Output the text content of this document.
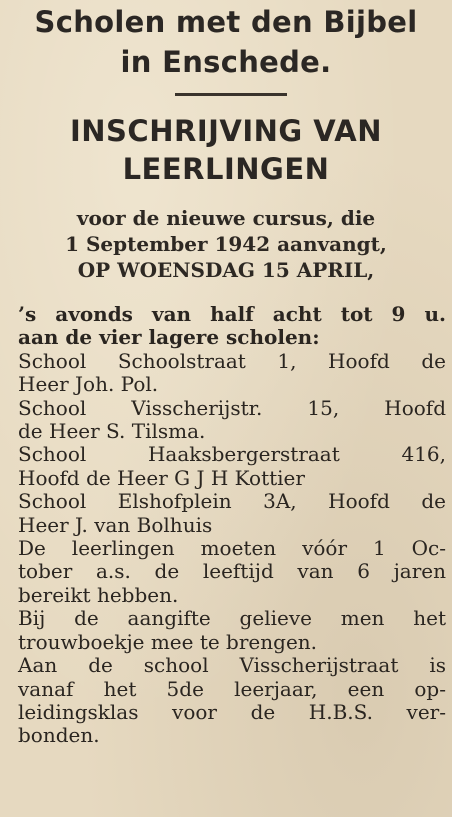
Scholen met den Bijbel
in Enschede.
INSCHRIJVING VAN
LEERLINGEN
voor de nieuwe cursus, die
1 September 1942 aanvangt,
OP WOENSDAG 15 APRIL,
’s avonds van half acht tot 9 u.
aan de vier lagere scholen:
School Schoolstraat 1, Hoofd de
Heer Joh. Pol.
School Visscherijstr. 15, Hoofd
de Heer S. Tilsma.
School Haaksbergerstraat 416,
Hoofd de Heer G J H Kottier
School Elshofplein 3A, Hoofd de
Heer J. van Bolhuis
De leerlingen moeten vóór 1 Oc-
tober a.s. de leeftijd van 6 jaren
bereikt hebben.
Bij de aangifte gelieve men het
trouwboekje mee te brengen.
Aan de school Visscherijstraat is
vanaf het 5de leerjaar, een op-
leidingsklas voor de H.B.S. ver-
bonden.
